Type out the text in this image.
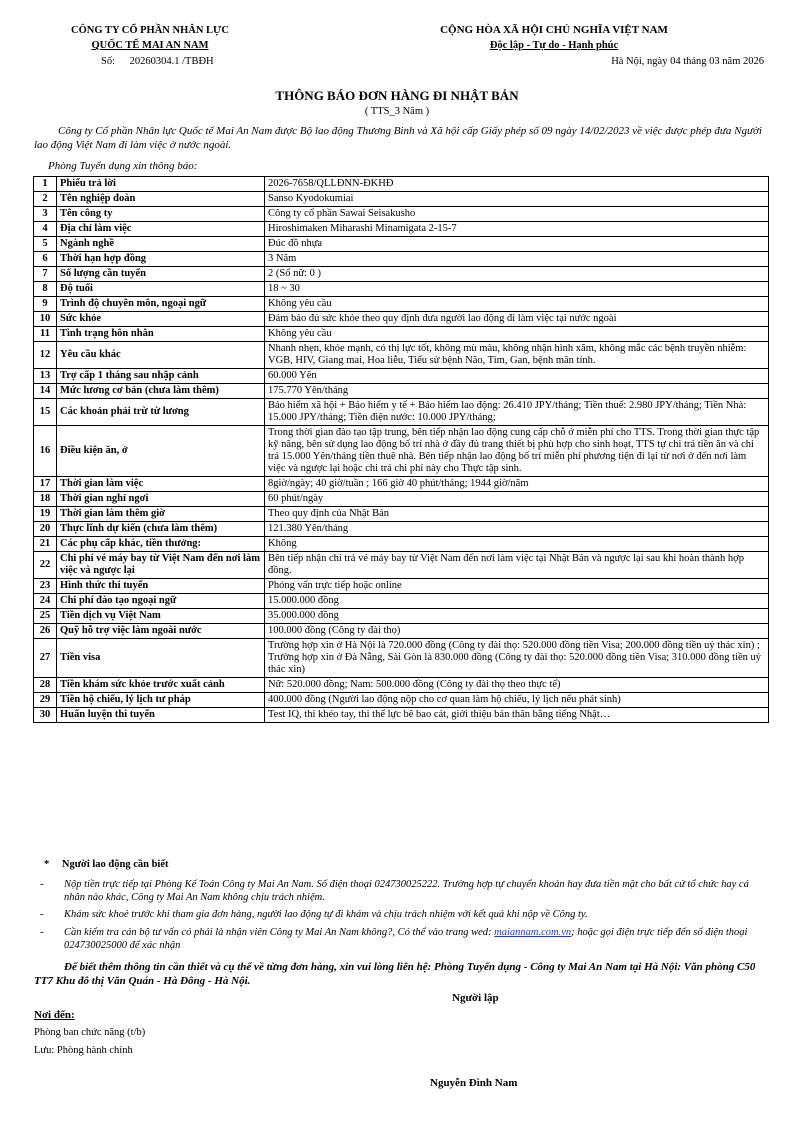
CÔNG TY CỔ PHẦN NHÂN LỰC
QUỐC TẾ MAI AN NAM
Số: 20260304.1 /TBĐH
CỘNG HÒA XÃ HỘI CHỦ NGHĨA VIỆT NAM
Độc lập - Tự do - Hạnh phúc
Hà Nội, ngày 04 tháng 03 năm 2026
THÔNG BÁO ĐƠN HÀNG ĐI NHẬT BẢN
( TTS_3 Năm )
Công ty Cổ phần Nhân lực Quốc tế Mai An Nam được Bộ lao động Thương Binh và Xã hội cấp Giấy phép số 09 ngày 14/02/2023 về việc được phép đưa Người lao động Việt Nam đi làm việc ở nước ngoài.
Phòng Tuyển dụng xin thông báo:
1	Phiếu trả lời	2026-7658/QLLĐNN-ĐKHĐ
2	Tên nghiệp đoàn	Sanso Kyodokumiai
3	Tên công ty	Công ty cổ phần Sawai Seisakusho
4	Địa chỉ làm việc	Hiroshimaken Miharashi Minamigata 2-15-7
5	Ngành nghề	Đúc đồ nhựa
6	Thời hạn hợp đồng	3 Năm
7	Số lượng cần tuyển	2 (Số nữ: 0 )
8	Độ tuổi	18 ~ 30
9	Trình độ chuyên môn, ngoại ngữ	Không yêu cầu
10	Sức khỏe	Đảm bảo đủ sức khỏe theo quy định đưa người lao động đi làm việc tại nước ngoài
11	Tình trạng hôn nhân	Không yêu cầu
12	Yêu cầu khác	Nhanh nhẹn, khỏe mạnh, có thị lực tốt, không mù màu, không nhận hình xăm, không mắc các bệnh truyền nhiễm: VGB, HIV, Giang mai, Hoa liễu, Tiểu sử bệnh Não, Tim, Gan, bệnh mãn tính.
13	Trợ cấp 1 tháng sau nhập cảnh	60.000 Yên
14	Mức lương cơ bản (chưa làm thêm)	175.770 Yên/tháng
15	Các khoản phải trừ từ lương	Bảo hiểm xã hội + Bảo hiểm y tế + Bảo hiểm lao động: 26.410 JPY/tháng; Tiền thuế: 2.980 JPY/tháng; Tiền Nhà: 15.000 JPY/tháng; Tiền điện nước: 10.000 JPY/tháng;
16	Điều kiện ăn, ở	Trong thời gian đào tạo tập trung, bên tiếp nhận lao động cung cấp chỗ ở miễn phí cho TTS. Trong thời gian thực tập kỹ năng, bên sử dụng lao động bố trí nhà ở đầy đủ trang thiết bị phù hợp cho sinh hoạt, TTS tự chi trả tiền ăn và chi trả 15.000 Yên/tháng tiền thuê nhà. Bên tiếp nhận lao động bố trí miễn phí phương tiện đi lại từ nơi ở đến nơi làm việc và ngược lại hoặc chi trả chi phí này cho Thực tập sinh.
17	Thời gian làm việc	8giờ/ngày; 40 giờ/tuần ; 166 giờ 40 phút/tháng; 1944 giờ/năm
18	Thời gian nghỉ ngơi	60 phút/ngày
19	Thời gian làm thêm giờ	Theo quy định của Nhật Bản
20	Thực lĩnh dự kiến (chưa làm thêm)	121.380 Yên/tháng
21	Các phụ cấp khác, tiền thưởng:	Không
22	Chi phí vé máy bay từ Việt Nam đến nơi làm việc và ngược lại	Bên tiếp nhận chi trả vé máy bay từ Việt Nam đến nơi làm việc tại Nhật Bản và ngược lại sau khi hoàn thành hợp đồng.
23	Hình thức thi tuyển	Phỏng vấn trực tiếp hoặc online
24	Chi phí đào tạo ngoại ngữ	15.000.000 đồng
25	Tiền dịch vụ Việt Nam	35.000.000 đồng
26	Quỹ hỗ trợ việc làm ngoài nước	100.000 đồng (Công ty đài thọ)
27	Tiền visa	Trường hợp xin ở Hà Nội là 720.000 đồng (Công ty đài thọ: 520.000 đồng tiền Visa; 200.000 đồng tiền uỷ thác xin) ; Trường hợp xin ở Đà Nẵng, Sài Gòn là 830.000 đồng (Công ty đài thọ: 520.000 đồng tiền Visa; 310.000 đồng tiền uỷ thác xin)
28	Tiền khám sức khỏe trước xuất cảnh	Nữ: 520.000 đồng; Nam: 500.000 đồng (Công ty đài thọ theo thực tế)
29	Tiền hộ chiếu, lý lịch tư pháp	400.000 đồng (Người lao động nộp cho cơ quan làm hộ chiếu, lý lịch nếu phát sinh)
30	Huấn luyện thi tuyển	Test IQ, thi khéo tay, thi thể lực bê bao cát, giới thiệu bản thân bằng tiếng Nhật…
* Người lao động cần biết
- Nộp tiền trực tiếp tại Phòng Kế Toán Công ty Mai An Nam. Số điện thoại 024730025222. Trường hợp tự chuyển khoản hay đưa tiền mặt cho bất cứ tổ chức hay cá nhân nào khác, Công ty Mai An Nam không chịu trách nhiệm.
- Khám sức khoẻ trước khi tham gia đơn hàng, người lao động tự đi khám và chịu trách nhiệm với kết quả khi nộp về Công ty.
- Cần kiểm tra cán bộ tư vấn có phải là nhận viên Công ty Mai An Nam không?, Có thể vào trang wed: maiannam.com.vn; hoặc gọi điện trực tiếp đến số điện thoại 024730025000 để xác nhận
Để biết thêm thông tin cần thiết và cụ thể về từng đơn hàng, xin vui lòng liên hệ: Phòng Tuyển dụng - Công ty Mai An Nam tại Hà Nội: Văn phòng C50 TT7 Khu đô thị Văn Quán - Hà Đông - Hà Nội.
Người lập
Nơi đến:
Phòng ban chức năng (t/b)
Lưu: Phòng hành chính
Nguyễn Đình Nam
